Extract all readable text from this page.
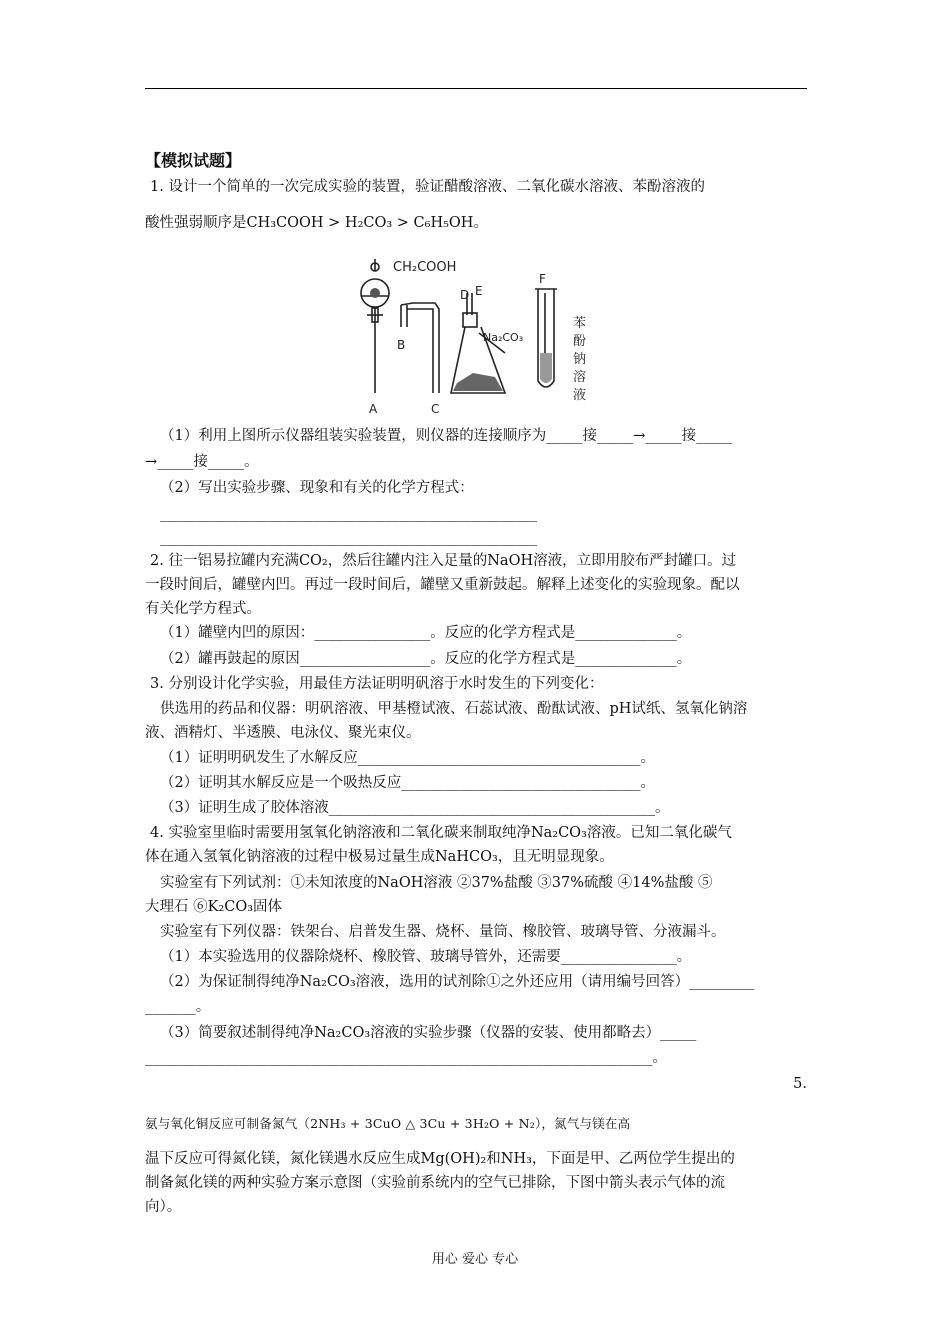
【模拟试题】
1. 设计一个简单的一次完成实验的装置，验证醋酸溶液、二氧化碳水溶液、苯酚溶液的
酸性强弱顺序是CH₃COOH > H₂CO₃ > C₆H₅OH。
CH₂COOH
A
B
C
D E
F
Na₂CO₃
苯
酚
钠
溶
液
（1）利用上图所示仪器组装实验装置，则仪器的连接顺序为_____接_____→_____接_____
→_____接_____。
（2）写出实验步骤、现象和有关的化学方程式：
____________________________________________________
____________________________________________________
2. 往一铝易拉罐内充满CO₂，然后往罐内注入足量的NaOH溶液，立即用胶布严封罐口。过
一段时间后，罐壁内凹。再过一段时间后，罐壁又重新鼓起。解释上述变化的实验现象。配以
有关化学方程式。
（1）罐壁内凹的原因：________________。反应的化学方程式是______________。
（2）罐再鼓起的原因__________________。反应的化学方程式是______________。
3. 分别设计化学实验，用最佳方法证明明矾溶于水时发生的下列变化：
供选用的药品和仪器：明矾溶液、甲基橙试液、石蕊试液、酚酞试液、pH试纸、氢氧化钠溶
液、酒精灯、半透膜、电泳仪、聚光束仪。
（1）证明明矾发生了水解反应_______________________________________。
（2）证明其水解反应是一个吸热反应_________________________________。
（3）证明生成了胶体溶液_____________________________________________。
4. 实验室里临时需要用氢氧化钠溶液和二氧化碳来制取纯净Na₂CO₃溶液。已知二氧化碳气
体在通入氢氧化钠溶液的过程中极易过量生成NaHCO₃，且无明显现象。
实验室有下列试剂：①未知浓度的NaOH溶液 ②37%盐酸 ③37%硫酸 ④14%盐酸 ⑤
大理石 ⑥K₂CO₃固体
实验室有下列仪器：铁架台、启普发生器、烧杯、量筒、橡胶管、玻璃导管、分液漏斗。
（1）本实验选用的仪器除烧杯、橡胶管、玻璃导管外，还需要________________。
（2）为保证制得纯净Na₂CO₃溶液，选用的试剂除①之外还应用（请用编号回答）_________
_______。
（3）简要叙述制得纯净Na₂CO₃溶液的实验步骤（仪器的安装、使用都略去）_____
______________________________________________________________________。
5.
氨与氧化铜反应可制备氮气（2NH₃ + 3CuO △ 3Cu + 3H₂O + N₂），氮气与镁在高
温下反应可得氮化镁，氮化镁遇水反应生成Mg(OH)₂和NH₃，下面是甲、乙两位学生提出的
制备氮化镁的两种实验方案示意图（实验前系统内的空气已排除，下图中箭头表示气体的流
向）。
用心 爱心 专心
